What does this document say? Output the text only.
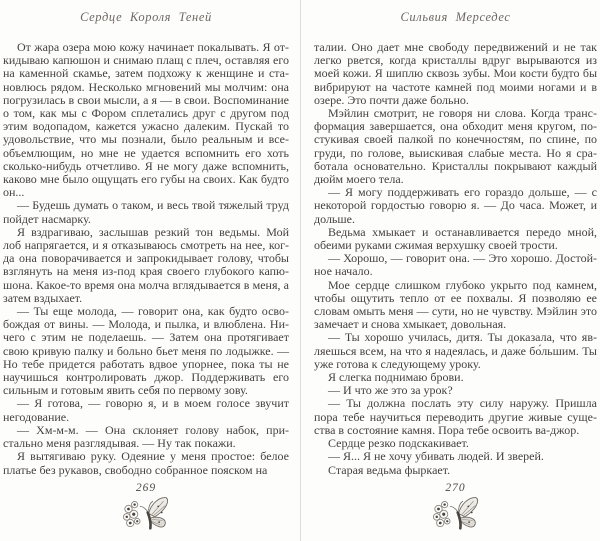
Сердце Короля Теней

От жара озера мою кожу начинает покалывать. Я откидываю капюшон и снимаю плащ с плеч, оставляя его на каменной скамье, затем подхожу к женщине и становлюсь рядом. Несколько мгновений мы молчим: она погрузилась в свои мысли, а я — в свои. Воспоминание о том, как мы с Фором сплетались друг с другом под этим водопадом, кажется ужасно далеким. Пускай то удовольствие, что мы познали, было реальным и всеобъемлющим, но мне не удается вспомнить его хоть сколько-нибудь отчетливо. Я не могу даже вспомнить, каково мне было ощущать его губы на своих. Как будто он...

— Будешь думать о таком, и весь твой тяжелый труд пойдет насмарку.

Я вздрагиваю, заслышав резкий тон ведьмы. Мой лоб напрягается, и я отказываюсь смотреть на нее, когда она поворачивается и запрокидывает голову, чтобы взглянуть на меня из-под края своего глубокого капюшона. Какое-то время она молча вглядывается в меня, а затем вздыхает.

— Ты еще молода, — говорит она, как будто освобождая от вины. — Молода, и пылка, и влюблена. Ничего с этим не поделаешь. — Затем она протягивает свою кривую палку и больно бьет меня по лодыжке. — Но тебе придется работать вдвое упорнее, пока ты не научишься контролировать джор. Поддерживать его сильным и готовым явить себя по первому зову.

— Я готова, — говорю я, и в моем голосе звучит негодование.

— Хм-м-м. — Она склоняет голову набок, пристально меня разглядывая. — Ну так покажи.

Я вытягиваю руку. Одеяние у меня простое: белое платье без рукавов, свободно собранное пояском на

269
Сильвия Мерседес

талии. Оно дает мне свободу передвижений и не так легко рвется, когда кристаллы вдруг вырываются из моей кожи. Я шиплю сквозь зубы. Мои кости будто бы вибрируют на частоте камней под моими ногами и в озере. Это почти даже больно.

Мэйлин смотрит, не говоря ни слова. Когда трансформация завершается, она обходит меня кругом, постукивая своей палкой по конечностям, по спине, по груди, по голове, выискивая слабые места. Но я сработала основательно. Кристаллы покрывают каждый дюйм моего тела.

— Я могу поддерживать его гораздо дольше, — с некоторой гордостью говорю я. — До часа. Может, и дольше.

Ведьма хмыкает и останавливается передо мной, обеими руками сжимая верхушку своей трости.

— Хорошо, — говорит она. — Это хорошо. Достойное начало.

Мое сердце слишком глубоко укрыто под камнем, чтобы ощутить тепло от ее похвалы. Я позволяю ее словам омыть меня — сути, но не чувству. Мэйлин это замечает и снова хмыкает, довольная.

— Ты хорошо училась, дитя. Ты доказала, что являешься всем, на что я надеялась, и даже бо́льшим. Ты уже готова к следующему уроку.

Я слегка поднимаю брови.

— И что же это за урок?

— Ты должна послать эту силу наружу. Пришла пора тебе научиться переводить другие живые существа в состояние камня. Пора тебе освоить ва-джор.

Сердце резко подскакивает.

— Я... Я не хочу убивать людей. И зверей.

Старая ведьма фыркает.

270
